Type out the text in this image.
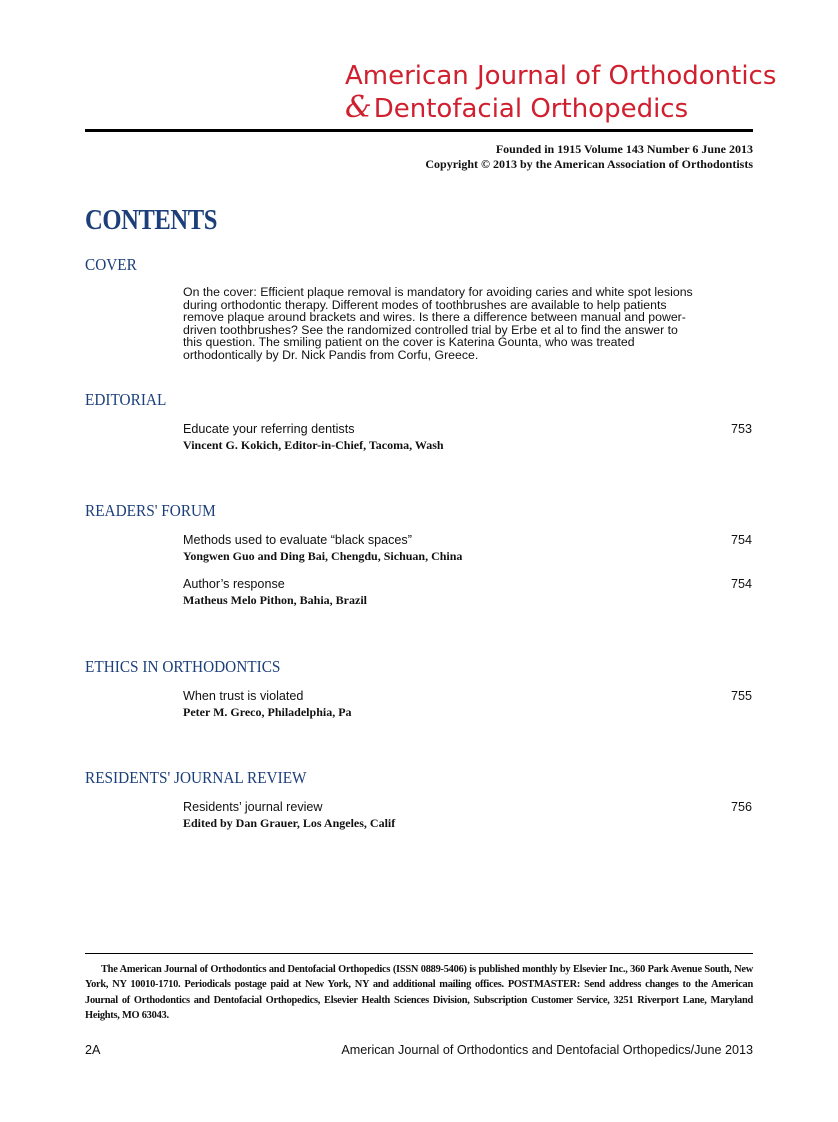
American Journal of Orthodontics
&Dentofacial Orthopedics
Founded in 1915 Volume 143 Number 6 June 2013
Copyright © 2013 by the American Association of Orthodontists
CONTENTS
COVER
On the cover: Efficient plaque removal is mandatory for avoiding caries and white spot lesions during orthodontic therapy. Different modes of toothbrushes are available to help patients remove plaque around brackets and wires. Is there a difference between manual and power-driven toothbrushes? See the randomized controlled trial by Erbe et al to find the answer to this question. The smiling patient on the cover is Katerina Gounta, who was treated orthodontically by Dr. Nick Pandis from Corfu, Greece.
EDITORIAL
Educate your referring dentists	753
Vincent G. Kokich, Editor-in-Chief, Tacoma, Wash
READERS' FORUM
Methods used to evaluate “black spaces”	754
Yongwen Guo and Ding Bai, Chengdu, Sichuan, China
Author’s response	754
Matheus Melo Pithon, Bahia, Brazil
ETHICS IN ORTHODONTICS
When trust is violated	755
Peter M. Greco, Philadelphia, Pa
RESIDENTS' JOURNAL REVIEW
Residents’ journal review	756
Edited by Dan Grauer, Los Angeles, Calif
The American Journal of Orthodontics and Dentofacial Orthopedics (ISSN 0889-5406) is published monthly by Elsevier Inc., 360 Park Avenue South, New York, NY 10010-1710. Periodicals postage paid at New York, NY and additional mailing offices. POSTMASTER: Send address changes to the American Journal of Orthodontics and Dentofacial Orthopedics, Elsevier Health Sciences Division, Subscription Customer Service, 3251 Riverport Lane, Maryland Heights, MO 63043.
2A	American Journal of Orthodontics and Dentofacial Orthopedics/June 2013
